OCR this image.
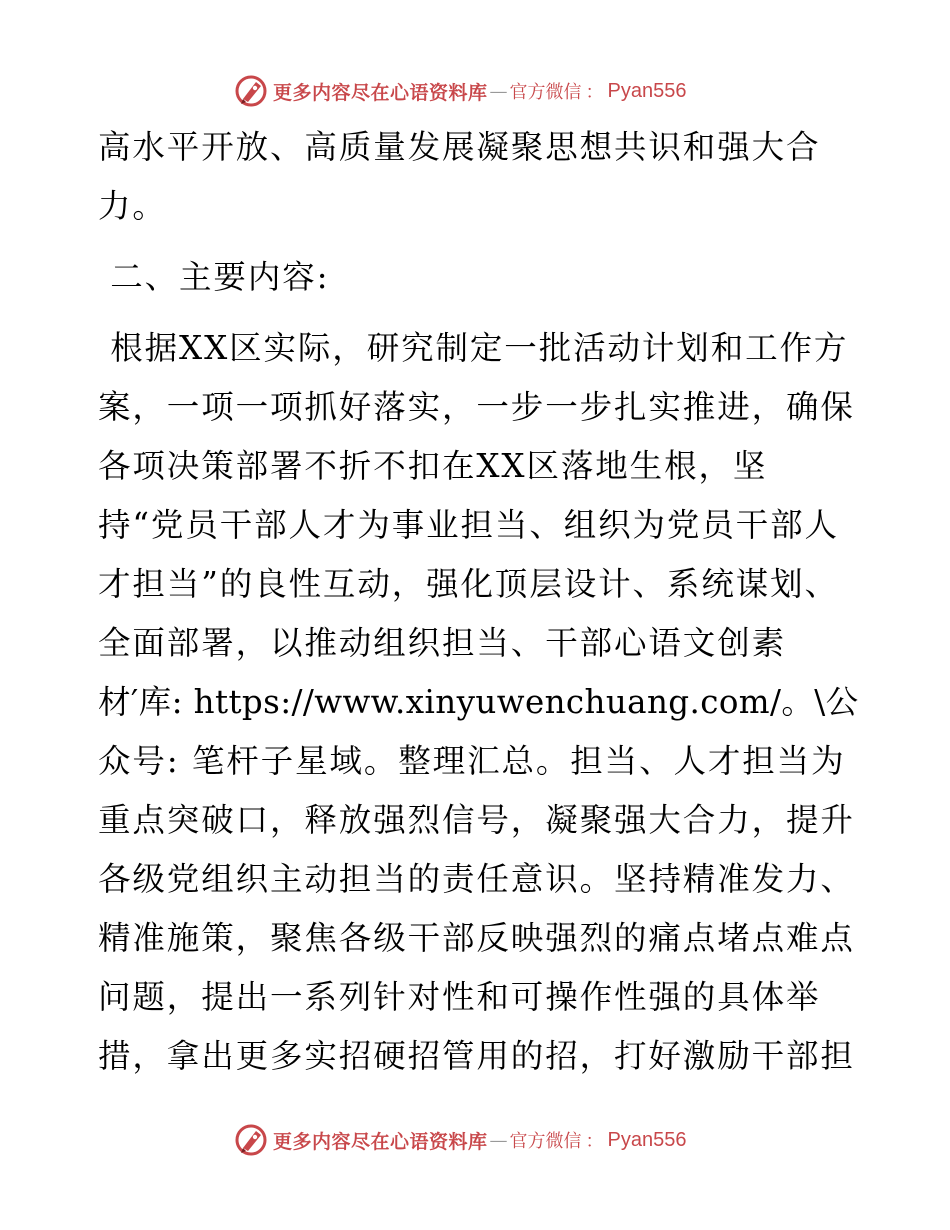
更多内容尽在心语资料库 — 官方微信 ： Pyan556
高水平开放、高质量发展凝聚思想共识和强大合
力。
二、主要内容:
根据XX区实际，研究制定一批活动计划和工作方
案，一项一项抓好落实，一步一步扎实推进，确保
各项决策部署不折不扣在XX区落地生根，坚
持“党员干部人才为事业担当、组织为党员干部人
才担当”的良性互动，强化顶层设计、系统谋划、
全面部署，以推动组织担当、干部心语文创素
材′库: https://www.xinyuwenchuang.com/。\公
众号: 笔杆子星域。整理汇总。担当、人才担当为
重点突破口，释放强烈信号，凝聚强大合力，提升
各级党组织主动担当的责任意识。坚持精准发力、
精准施策，聚焦各级干部反映强烈的痛点堵点难点
问题，提出一系列针对性和可操作性强的具体举
措，拿出更多实招硬招管用的招，打好激励干部担
更多内容尽在心语资料库 — 官方微信 ： Pyan556
